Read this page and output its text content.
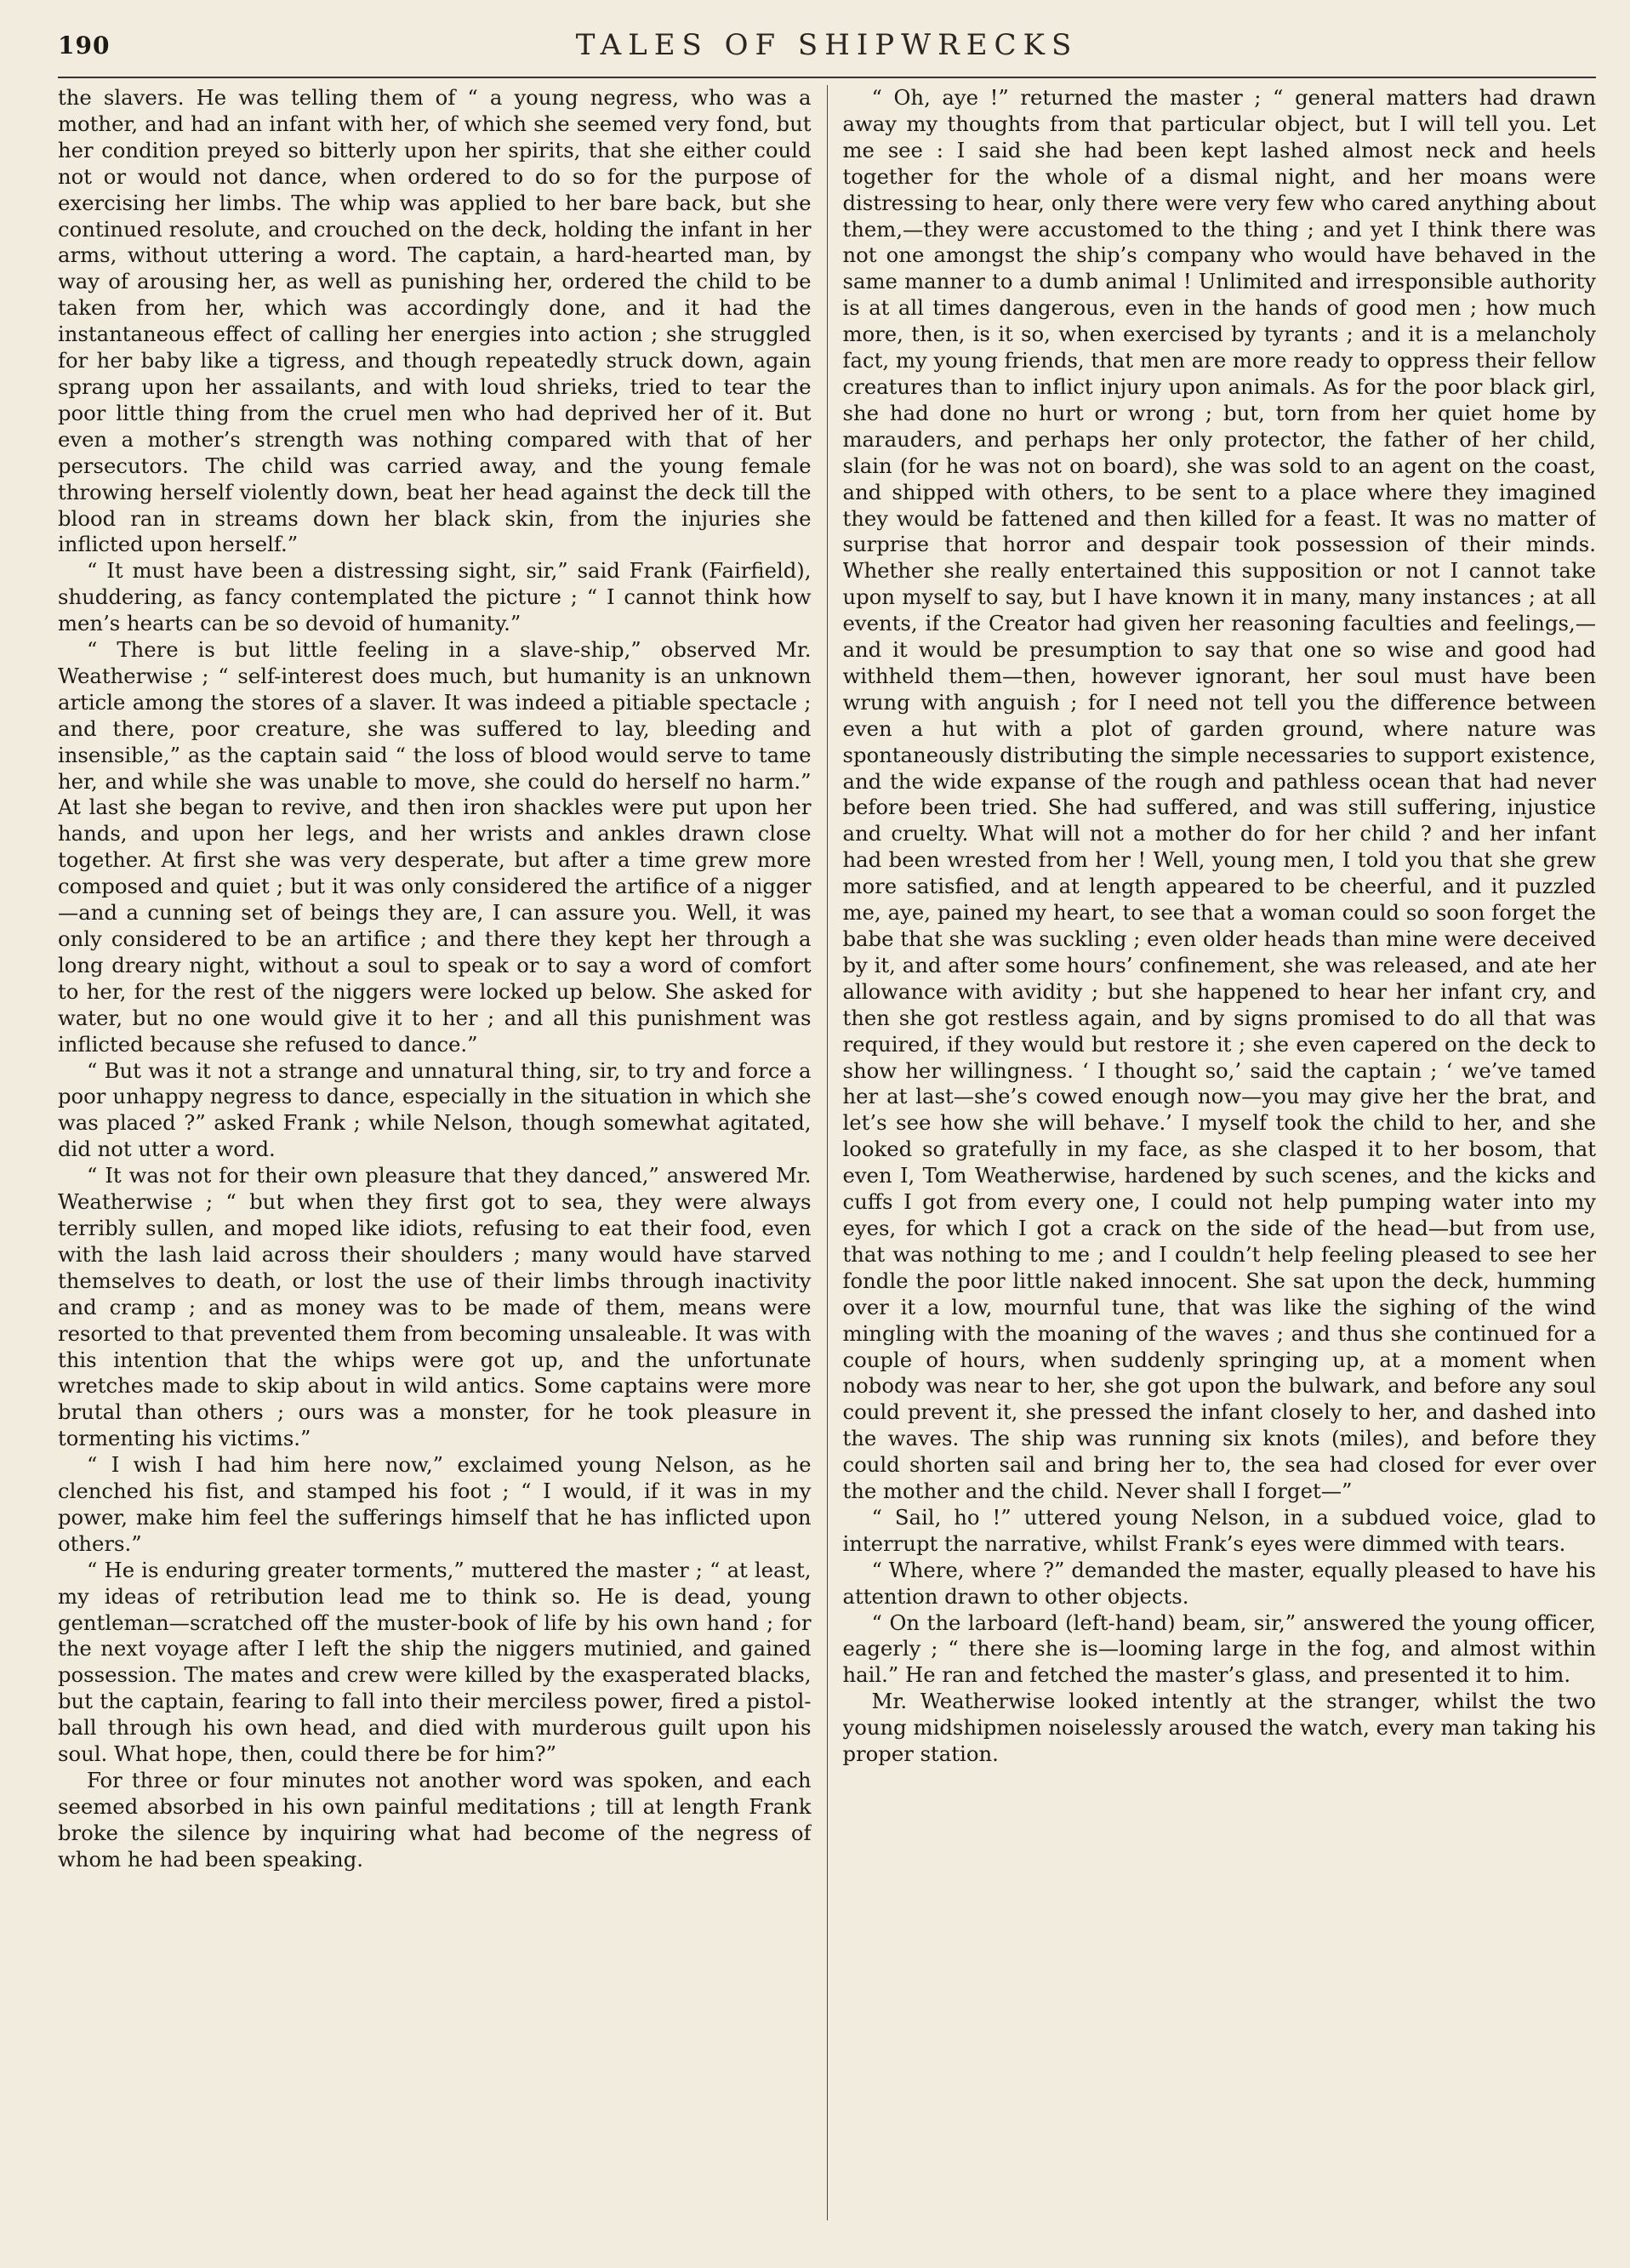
190	TALES OF SHIPWRECKS

the slavers. He was telling them of “ a young negress, who was a mother, and had an infant with her, of which she seemed very fond, but her condition preyed so bitterly upon her spirits, that she either could not or would not dance, when ordered to do so for the purpose of exercising her limbs. The whip was applied to her bare back, but she continued resolute, and crouched on the deck, holding the infant in her arms, without uttering a word. The captain, a hard-hearted man, by way of arousing her, as well as punishing her, ordered the child to be taken from her, which was accordingly done, and it had the instantaneous effect of calling her energies into action ; she struggled for her baby like a tigress, and though repeatedly struck down, again sprang upon her assailants, and with loud shrieks, tried to tear the poor little thing from the cruel men who had deprived her of it. But even a mother’s strength was nothing compared with that of her persecutors. The child was carried away, and the young female throwing herself violently down, beat her head against the deck till the blood ran in streams down her black skin, from the injuries she inflicted upon herself.”

“ It must have been a distressing sight, sir,” said Frank (Fairfield), shuddering, as fancy contemplated the picture ; “ I cannot think how men’s hearts can be so devoid of humanity.”

“ There is but little feeling in a slave-ship,” observed Mr. Weatherwise ; “ self-interest does much, but humanity is an unknown article among the stores of a slaver. It was indeed a pitiable spectacle ; and there, poor creature, she was suffered to lay, bleeding and insensible,” as the captain said “ the loss of blood would serve to tame her, and while she was unable to move, she could do herself no harm.” At last she began to revive, and then iron shackles were put upon her hands, and upon her legs, and her wrists and ankles drawn close together. At first she was very desperate, but after a time grew more composed and quiet ; but it was only considered the artifice of a nigger—and a cunning set of beings they are, I can assure you. Well, it was only considered to be an artifice ; and there they kept her through a long dreary night, without a soul to speak or to say a word of comfort to her, for the rest of the niggers were locked up below. She asked for water, but no one would give it to her ; and all this punishment was inflicted because she refused to dance.”

“ But was it not a strange and unnatural thing, sir, to try and force a poor unhappy negress to dance, especially in the situation in which she was placed ?” asked Frank ; while Nelson, though somewhat agitated, did not utter a word.

“ It was not for their own pleasure that they danced,” answered Mr. Weatherwise ; “ but when they first got to sea, they were always terribly sullen, and moped like idiots, refusing to eat their food, even with the lash laid across their shoulders ; many would have starved themselves to death, or lost the use of their limbs through inactivity and cramp ; and as money was to be made of them, means were resorted to that prevented them from becoming unsaleable. It was with this intention that the whips were got up, and the unfortunate wretches made to skip about in wild antics. Some captains were more brutal than others ; ours was a monster, for he took pleasure in tormenting his victims.”

“ I wish I had him here now,” exclaimed young Nelson, as he clenched his fist, and stamped his foot ; “ I would, if it was in my power, make him feel the sufferings himself that he has inflicted upon others.”

“ He is enduring greater torments,” muttered the master ; “ at least, my ideas of retribution lead me to think so. He is dead, young gentleman—scratched off the muster-book of life by his own hand ; for the next voyage after I left the ship the niggers mutinied, and gained possession. The mates and crew were killed by the exasperated blacks, but the captain, fearing to fall into their merciless power, fired a pistol-ball through his own head, and died with murderous guilt upon his soul. What hope, then, could there be for him?”

For three or four minutes not another word was spoken, and each seemed absorbed in his own painful meditations ; till at length Frank broke the silence by inquiring what had become of the negress of whom he had been speaking.

“ Oh, aye !” returned the master ; “ general matters had drawn away my thoughts from that particular object, but I will tell you. Let me see : I said she had been kept lashed almost neck and heels together for the whole of a dismal night, and her moans were distressing to hear, only there were very few who cared anything about them,—they were accustomed to the thing ; and yet I think there was not one amongst the ship’s company who would have behaved in the same manner to a dumb animal ! Unlimited and irresponsible authority is at all times dangerous, even in the hands of good men ; how much more, then, is it so, when exercised by tyrants ; and it is a melancholy fact, my young friends, that men are more ready to oppress their fellow creatures than to inflict injury upon animals. As for the poor black girl, she had done no hurt or wrong ; but, torn from her quiet home by marauders, and perhaps her only protector, the father of her child, slain (for he was not on board), she was sold to an agent on the coast, and shipped with others, to be sent to a place where they imagined they would be fattened and then killed for a feast. It was no matter of surprise that horror and despair took possession of their minds. Whether she really entertained this supposition or not I cannot take upon myself to say, but I have known it in many, many instances ; at all events, if the Creator had given her reasoning faculties and feelings,—and it would be presumption to say that one so wise and good had withheld them—then, however ignorant, her soul must have been wrung with anguish ; for I need not tell you the difference between even a hut with a plot of garden ground, where nature was spontaneously distributing the simple necessaries to support existence, and the wide expanse of the rough and pathless ocean that had never before been tried. She had suffered, and was still suffering, injustice and cruelty. What will not a mother do for her child ? and her infant had been wrested from her ! Well, young men, I told you that she grew more satisfied, and at length appeared to be cheerful, and it puzzled me, aye, pained my heart, to see that a woman could so soon forget the babe that she was suckling ; even older heads than mine were deceived by it, and after some hours’ confinement, she was released, and ate her allowance with avidity ; but she happened to hear her infant cry, and then she got restless again, and by signs promised to do all that was required, if they would but restore it ; she even capered on the deck to show her willingness. ‘ I thought so,’ said the captain ; ‘ we’ve tamed her at last—she’s cowed enough now—you may give her the brat, and let’s see how she will behave.’ I myself took the child to her, and she looked so gratefully in my face, as she clasped it to her bosom, that even I, Tom Weatherwise, hardened by such scenes, and the kicks and cuffs I got from every one, I could not help pumping water into my eyes, for which I got a crack on the side of the head—but from use, that was nothing to me ; and I couldn’t help feeling pleased to see her fondle the poor little naked innocent. She sat upon the deck, humming over it a low, mournful tune, that was like the sighing of the wind mingling with the moaning of the waves ; and thus she continued for a couple of hours, when suddenly springing up, at a moment when nobody was near to her, she got upon the bulwark, and before any soul could prevent it, she pressed the infant closely to her, and dashed into the waves. The ship was running six knots (miles), and before they could shorten sail and bring her to, the sea had closed for ever over the mother and the child. Never shall I forget—”

“ Sail, ho !” uttered young Nelson, in a subdued voice, glad to interrupt the narrative, whilst Frank’s eyes were dimmed with tears.

“ Where, where ?” demanded the master, equally pleased to have his attention drawn to other objects.

“ On the larboard (left-hand) beam, sir,” answered the young officer, eagerly ; “ there she is—looming large in the fog, and almost within hail.” He ran and fetched the master’s glass, and presented it to him.

Mr. Weatherwise looked intently at the stranger, whilst the two young midshipmen noiselessly aroused the watch, every man taking his proper station.
